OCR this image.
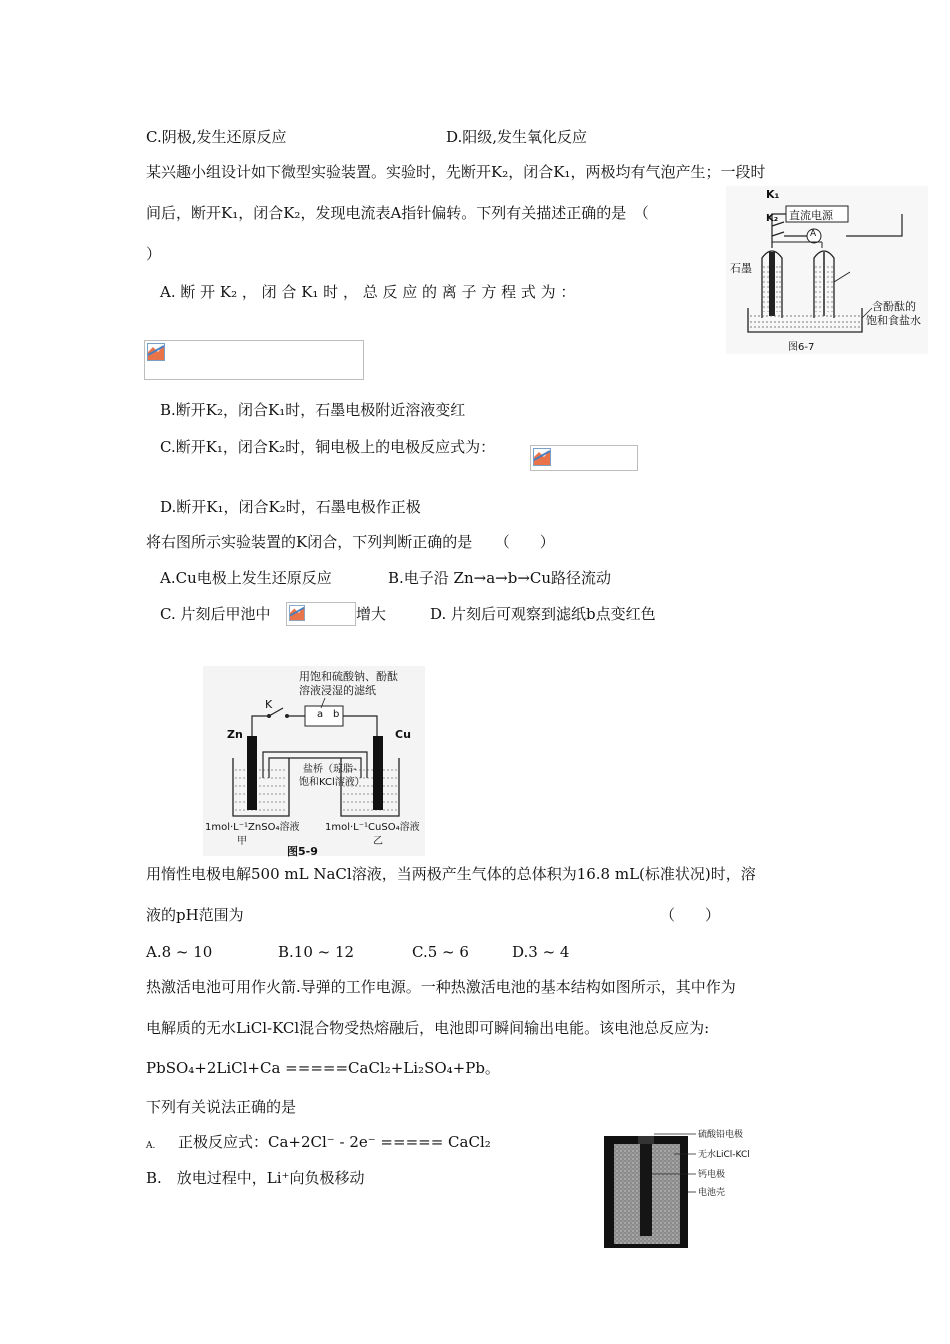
C.阴极,发生还原反应	D.阳级,发生氧化反应
某兴趣小组设计如下微型实验装置。实验时，先断开K₂，闭合K₁，两极均有气泡产生；一段时
间后，断开K₁，闭合K₂，发现电流表A指针偏转。下列有关描述正确的是　（
）
A. 断 开 K₂ ， 闭 合 K₁ 时 ， 总 反 应 的 离 子 方 程 式 为 ：
B.断开K₂，闭合K₁时，石墨电极附近溶液变红
C.断开K₁，闭合K₂时，铜电极上的电极反应式为：
D.断开K₁，闭合K₂时，石墨电极作正极
将右图所示实验装置的K闭合，下列判断正确的是　　（　　）
A.Cu电极上发生还原反应	B.电子沿 Zn→a→b→Cu路径流动
C. 片刻后甲池中	增大	D. 片刻后可观察到滤纸b点变红色
用惰性电极电解500 mL NaCl溶液，当两极产生气体的总体积为16.8 mL(标准状况)时，溶
液的pH范围为	（　　）
A.8 ~ 10	B.10 ~ 12	C.5 ~ 6	D.3 ~ 4
热激活电池可用作火箭.导弹的工作电源。一种热激活电池的基本结构如图所示，其中作为
电解质的无水LiCl-KCl混合物受热熔融后，电池即可瞬间输出电能。该电池总反应为:
PbSO₄+2LiCl+Ca =====CaCl₂+Li₂SO₄+Pb。
下列有关说法正确的是
A. 正极反应式：Ca+2Cl⁻ - 2e⁻ ===== CaCl₂
B.　放电过程中，Li⁺向负极移动
K₁
K₂ 直流电源
A
石墨
含酚酞的
饱和食盐水
图6-7
用饱和硫酸钠、酚酞
溶液浸湿的滤纸
K
a b
Zn	Cu
盐桥（琼脂-
饱和KCl溶液）
1mol·L⁻¹ZnSO₄溶液
甲
1mol·L⁻¹CuSO₄溶液
乙
图5-9
硫酸铅电极
无水LiCl-KCl
钙电极
电池壳
